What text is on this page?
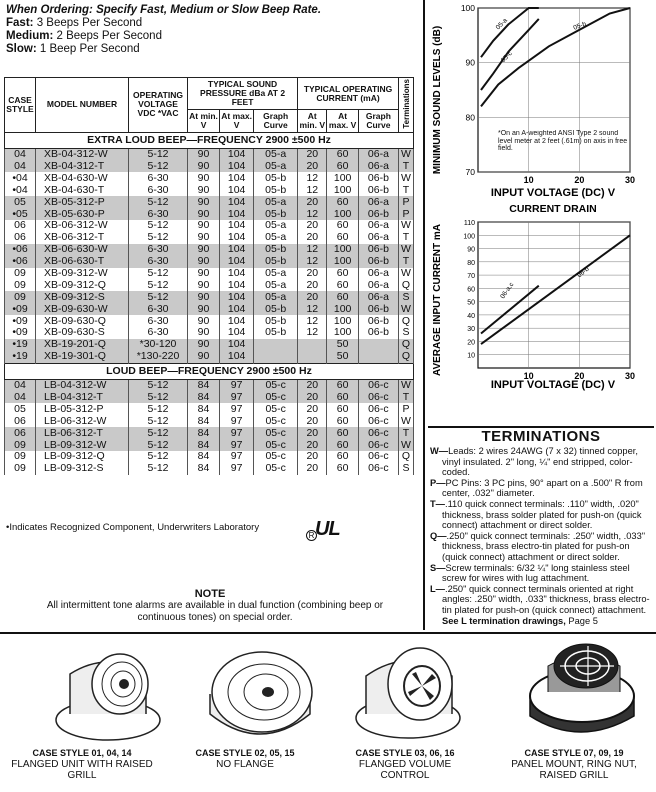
When Ordering: Specify Fast, Medium or Slow Beep Rate.
Fast: 3 Beeps Per Second
Medium: 2 Beeps Per Second
Slow: 1 Beep Per Second
CASE STYLE	MODEL NUMBER	OPERATING VOLTAGE VDC *VAC	TYPICAL SOUND PRESSURE dBa AT 2 FEET			TYPICAL OPERATING CURRENT (mA)			Terminations
			At min. V	At max. V	Graph Curve	At min. V	At max. V	Graph Curve	
EXTRA LOUD BEEP—FREQUENCY 2900 ±500 Hz									
04	XB-04-312-W	5-12	90	104	05-a	20	60	06-a	W
04	XB-04-312-T	5-12	90	104	05-a	20	60	06-a	T
•04	XB-04-630-W	6-30	90	104	05-b	12	100	06-b	W
•04	XB-04-630-T	6-30	90	104	05-b	12	100	06-b	T
05	XB-05-312-P	5-12	90	104	05-a	20	60	06-a	P
•05	XB-05-630-P	6-30	90	104	05-b	12	100	06-b	P
06	XB-06-312-W	5-12	90	104	05-a	20	60	06-a	W
06	XB-06-312-T	5-12	90	104	05-a	20	60	06-a	T
•06	XB-06-630-W	6-30	90	104	05-b	12	100	06-b	W
•06	XB-06-630-T	6-30	90	104	05-b	12	100	06-b	T
09	XB-09-312-W	5-12	90	104	05-a	20	60	06-a	W
09	XB-09-312-Q	5-12	90	104	05-a	20	60	06-a	Q
09	XB-09-312-S	5-12	90	104	05-a	20	60	06-a	S
•09	XB-09-630-W	6-30	90	104	05-b	12	100	06-b	W
•09	XB-09-630-Q	6-30	90	104	05-b	12	100	06-b	Q
•09	XB-09-630-S	6-30	90	104	05-b	12	100	06-b	S
•19	XB-19-201-Q	*30-120	90	104			50		Q
•19	XB-19-301-Q	*130-220	90	104			50		Q
LOUD BEEP—FREQUENCY 2900 ±500 Hz									
04	LB-04-312-W	5-12	84	97	05-c	20	60	06-c	W
04	LB-04-312-T	5-12	84	97	05-c	20	60	06-c	T
05	LB-05-312-P	5-12	84	97	05-c	20	60	06-c	P
06	LB-06-312-W	5-12	84	97	05-c	20	60	06-c	W
06	LB-06-312-T	5-12	84	97	05-c	20	60	06-c	T
09	LB-09-312-W	5-12	84	97	05-c	20	60	06-c	W
09	LB-09-312-Q	5-12	84	97	05-c	20	60	06-c	Q
09	LB-09-312-S	5-12	84	97	05-c	20	60	06-c	S
•Indicates Recognized Component, Underwriters Laboratory
R UL
NOTE
All intermittent tone alarms are available in dual function (combining beep or continuous tones) on special order.
MINIMUM SOUND LEVELS (dB)
100
90
80
70
10	20	30
05-a	05-b
05-c
*On an A-weighted ANSI Type 2 sound level meter at 2 feet (.61m) on axis in free field.
INPUT VOLTAGE (DC) V
CURRENT DRAIN
AVERAGE INPUT CURRENT mA
110
100
90
80
70
60
50
40
30
20
10
10	20	30
06-a,c
06-b
INPUT VOLTAGE (DC) V
TERMINATIONS

W—Leads: 2 wires 24AWG (7 x 32) tinned copper, vinyl insulated. 2" long, ¼" end stripped, color-coded.

P—PC Pins: 3 PC pins, 90° apart on a .500" R from center, .032" diameter.

T—.110 quick connect terminals: .110" width, .020" thickness, brass solder plated for push-on (quick connect) attachment or direct solder.

Q—.250" quick connect terminals: .250" width, .033" thickness, brass electro-tin plated for push-on (quick connect) attachment or direct solder.

S—Screw terminals: 6/32 ¼" long stainless steel screw for wires with lug attachment.

L—.250" quick connect terminals oriented at right angles: .250" width, .033" thickness, brass electro-tin plated for push-on (quick connect) attachment. See L termination drawings, Page 5

CASE STYLE 01, 04, 14
FLANGED UNIT WITH RAISED GRILL
CASE STYLE 02, 05, 15
NO FLANGE
CASE STYLE 03, 06, 16
FLANGED VOLUME CONTROL
CASE STYLE 07, 09, 19
PANEL MOUNT, RING NUT, RAISED GRILL
